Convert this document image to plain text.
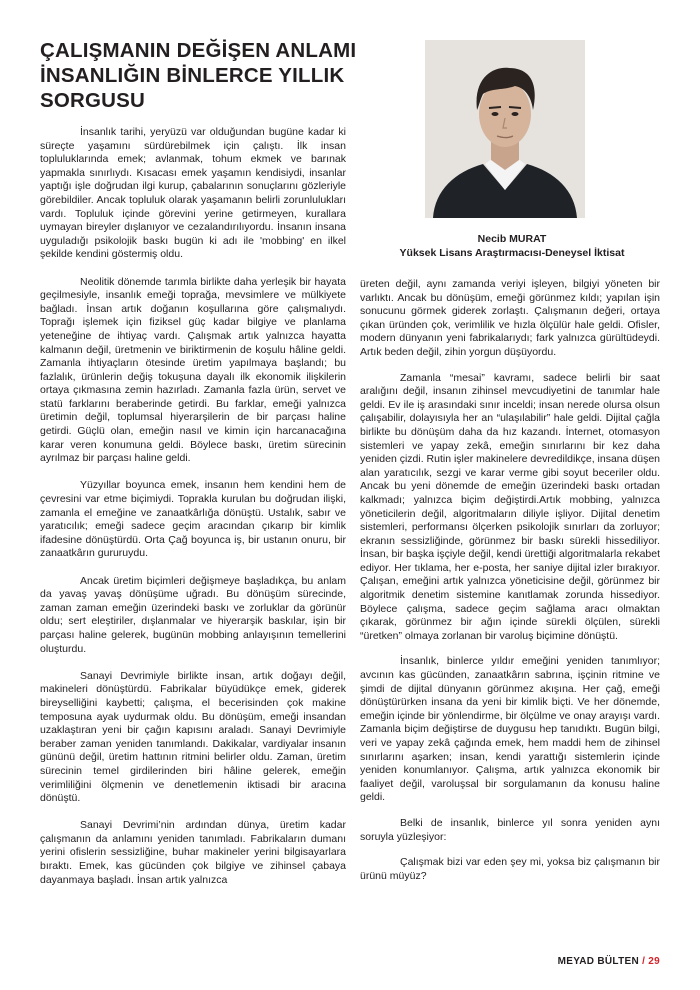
ÇALIŞMANIN DEĞİŞEN ANLAMI
İNSANLIĞIN BİNLERCE YILLIK
SORGUSU
Necib MURAT
Yüksek Lisans Araştırmacısı-Deneysel İktisat

İnsanlık tarihi, yeryüzü var olduğundan bugüne kadar ki süreçte yaşamını sürdürebilmek için çalıştı. İlk insan topluluklarında emek; avlanmak, tohum ekmek ve barınak yapmakla sınırlıydı. Kısacası emek yaşamın kendisiydi, insanlar yaptığı işle doğrudan ilgi kurup, çabalarının sonuçlarını gözleriyle görebildiler. Ancak topluluk olarak yaşamanın belirli zorunlulukları vardı. Topluluk içinde görevini yerine getirmeyen, kurallara uymayan bireyler dışlanıyor ve cezalandırılıyordu. İnsanın insana uyguladığı psikolojik baskı bugün ki adı ile 'mobbing' en ilkel şekilde kendini göstermiş oldu.

Neolitik dönemde tarımla birlikte daha yerleşik bir hayata geçilmesiyle, insanlık emeği toprağa, mevsimlere ve mülkiyete bağladı. İnsan artık doğanın koşullarına göre çalışmalıydı. Toprağı işlemek için fiziksel güç kadar bilgiye ve planlama yeteneğine de ihtiyaç vardı. Çalışmak artık yalnızca hayatta kalmanın değil, üretmenin ve biriktirmenin de koşulu hâline geldi. Zamanla ihtiyaçların ötesinde üretim yapılmaya başlandı; bu fazlalık, ürünlerin değiş tokuşuna dayalı ilk ekonomik ilişkilerin ortaya çıkmasına zemin hazırladı. Zamanla fazla ürün, servet ve statü farklarını beraberinde getirdi. Bu farklar, emeği yalnızca üretimin değil, toplumsal hiyerarşilerin de bir parçası haline getirdi. Güçlü olan, emeğin nasıl ve kimin için harcanacağına karar veren konumuna geldi. Böylece baskı, üretim sürecinin ayrılmaz bir parçası haline geldi.

Yüzyıllar boyunca emek, insanın hem kendini hem de çevresini var etme biçimiydi. Toprakla kurulan bu doğrudan ilişki, zamanla el emeğine ve zanaatkârlığa dönüştü. Ustalık, sabır ve yaratıcılık; emeği sadece geçim aracından çıkarıp bir kimlik ifadesine dönüştürdü. Orta Çağ boyunca iş, bir ustanın onuru, bir zanaatkârın gururuydu.

Ancak üretim biçimleri değişmeye başladıkça, bu anlam da yavaş yavaş dönüşüme uğradı. Bu dönüşüm sürecinde, zaman zaman emeğin üzerindeki baskı ve zorluklar da görünür oldu; sert eleştiriler, dışlanmalar ve hiyerarşik baskılar, işin bir parçası haline gelerek, bugünün mobbing anlayışının temellerini oluşturdu.

Sanayi Devrimiyle birlikte insan, artık doğayı değil, makineleri dönüştürdü. Fabrikalar büyüdükçe emek, giderek bireyselliğini kaybetti; çalışma, el becerisinden çok makine temposuna ayak uydurmak oldu. Bu dönüşüm, emeği insandan uzaklaştıran yeni bir çağın kapısını araladı. Sanayi Devrimiyle beraber zaman yeniden tanımlandı. Dakikalar, vardiyalar insanın gününü değil, üretim hattının ritmini belirler oldu. Zaman, üretim sürecinin temel girdilerinden biri hâline gelerek, emeğin verimliliğini ölçmenin ve denetlemenin iktisadi bir aracına dönüştü.

Sanayi Devrimi’nin ardından dünya, üretim kadar çalışmanın da anlamını yeniden tanımladı. Fabrikaların dumanı yerini ofislerin sessizliğine, buhar makineler yerini bilgisayarlara bıraktı. Emek, kas gücünden çok bilgiye ve zihinsel çabaya dayanmaya başladı. İnsan artık yalnızca

üreten değil, aynı zamanda veriyi işleyen, bilgiyi yöneten bir varlıktı. Ancak bu dönüşüm, emeği görünmez kıldı; yapılan işin sonucunu görmek giderek zorlaştı. Çalışmanın değeri, ortaya çıkan üründen çok, verimlilik ve hızla ölçülür hale geldi. Ofisler, modern dünyanın yeni fabrikalarıydı; fark yalnızca gürültüdeydi. Artık beden değil, zihin yorgun düşüyordu.

Zamanla “mesai” kavramı, sadece belirli bir saat aralığını değil, insanın zihinsel mevcudiyetini de tanımlar hale geldi. Ev ile iş arasındaki sınır inceldi; insan nerede olursa olsun çalışabilir, dolayısıyla her an “ulaşılabilir” hale geldi. Dijital çağla birlikte bu dönüşüm daha da hız kazandı. İnternet, otomasyon sistemleri ve yapay zekâ, emeğin sınırlarını bir kez daha yeniden çizdi. Rutin işler makinelere devredildikçe, insana düşen alan yaratıcılık, sezgi ve karar verme gibi soyut beceriler oldu. Ancak bu yeni dönemde de emeğin üzerindeki baskı ortadan kalkmadı; yalnızca biçim değiştirdi.Artık mobbing, yalnızca yöneticilerin değil, algoritmaların diliyle işliyor. Dijital denetim sistemleri, performansı ölçerken psikolojik sınırları da zorluyor; ekranın sessizliğinde, görünmez bir baskı sürekli hissediliyor. İnsan, bir başka işçiyle değil, kendi ürettiği algoritmalarla rekabet ediyor. Her tıklama, her e-posta, her saniye dijital izler bırakıyor. Çalışan, emeğini artık yalnızca yöneticisine değil, görünmez bir algoritmik denetim sistemine kanıtlamak zorunda hissediyor. Böylece çalışma, sadece geçim sağlama aracı olmaktan çıkarak, görünmez bir ağın içinde sürekli ölçülen, sürekli “üretken” olmaya zorlanan bir varoluş biçimine dönüştü.

İnsanlık, binlerce yıldır emeğini yeniden tanımlıyor; avcının kas gücünden, zanaatkârın sabrına, işçinin ritmine ve şimdi de dijital dünyanın görünmez akışına. Her çağ, emeği dönüştürürken insana da yeni bir kimlik biçti. Ve her dönemde, emeğin içinde bir yönlendirme, bir ölçülme ve onay arayışı vardı. Zamanla biçim değiştirse de duygusu hep tanıdıktı. Bugün bilgi, veri ve yapay zekâ çağında emek, hem maddi hem de zihinsel sınırlarını aşarken; insan, kendi yarattığı sistemlerin içinde yeniden konumlanıyor. Çalışma, artık yalnızca ekonomik bir faaliyet değil, varoluşsal bir sorgulamanın da konusu haline geldi.

Belki de insanlık, binlerce yıl sonra yeniden aynı soruyla yüzleşiyor:

Çalışmak bizi var eden şey mi, yoksa biz çalışmanın bir ürünü müyüz?

MEYAD BÜLTEN / 29
